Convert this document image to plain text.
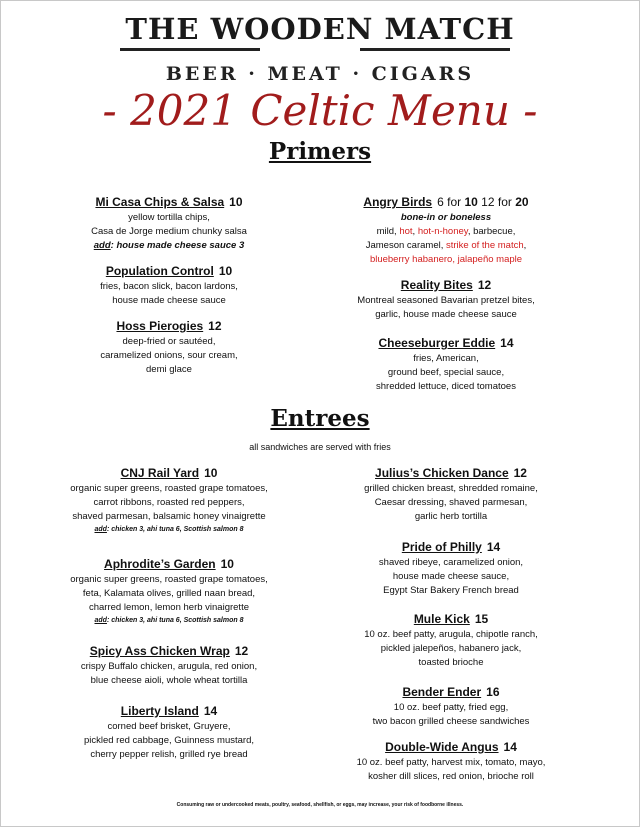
THE WOODEN MATCH
BEER · MEAT · CIGARS
- 2021 Celtic Menu -
Primers
Mi Casa Chips & Salsa 10
yellow tortilla chips,
Casa de Jorge medium chunky salsa
add: house made cheese sauce 3
Population Control 10
fries, bacon slick, bacon lardons,
house made cheese sauce
Hoss Pierogies 12
deep-fried or sautéed,
caramelized onions, sour cream,
demi glace
Angry Birds 6 for 10 12 for 20
bone-in or boneless
mild, hot, hot-n-honey, barbecue,
Jameson caramel, strike of the match,
blueberry habanero, jalapeño maple
Reality Bites 12
Montreal seasoned Bavarian pretzel bites,
garlic, house made cheese sauce
Cheeseburger Eddie 14
fries, American,
ground beef, special sauce,
shredded lettuce, diced tomatoes
Entrees
all sandwiches are served with fries
CNJ Rail Yard 10
organic super greens, roasted grape tomatoes,
carrot ribbons, roasted red peppers,
shaved parmesan, balsamic honey vinaigrette
add: chicken 3, ahi tuna 6, Scottish salmon 8
Aphrodite’s Garden 10
organic super greens, roasted grape tomatoes,
feta, Kalamata olives, grilled naan bread,
charred lemon, lemon herb vinaigrette
add: chicken 3, ahi tuna 6, Scottish salmon 8
Spicy Ass Chicken Wrap 12
crispy Buffalo chicken, arugula, red onion,
blue cheese aioli, whole wheat tortilla
Liberty Island 14
corned beef brisket, Gruyere,
pickled red cabbage, Guinness mustard,
cherry pepper relish, grilled rye bread
Julius’s Chicken Dance 12
grilled chicken breast, shredded romaine,
Caesar dressing, shaved parmesan,
garlic herb tortilla
Pride of Philly 14
shaved ribeye, caramelized onion,
house made cheese sauce,
Egypt Star Bakery French bread
Mule Kick 15
10 oz. beef patty, arugula, chipotle ranch,
pickled jalepeños, habanero jack,
toasted brioche
Bender Ender 16
10 oz. beef patty, fried egg,
two bacon grilled cheese sandwiches
Double-Wide Angus 14
10 oz. beef patty, harvest mix, tomato, mayo,
kosher dill slices, red onion, brioche roll
Consuming raw or undercooked meats, poultry, seafood, shellfish, or eggs, may increase, your risk of foodborne illness.
